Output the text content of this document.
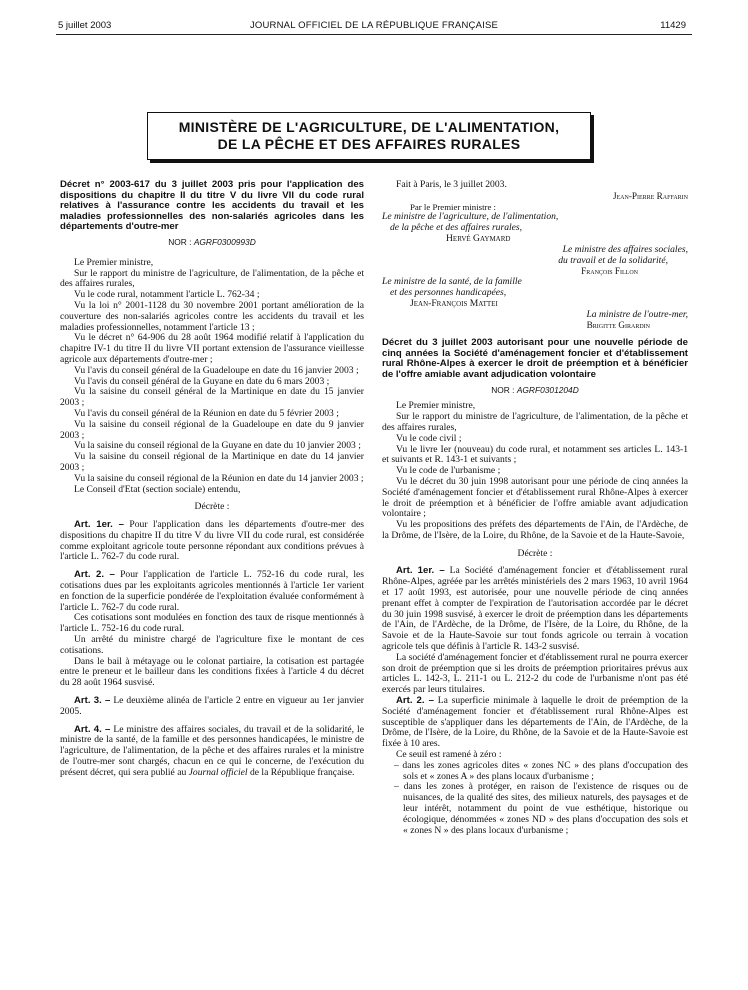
5 juillet 2003	JOURNAL OFFICIEL DE LA RÉPUBLIQUE FRANÇAISE	11429
MINISTÈRE DE L'AGRICULTURE, DE L'ALIMENTATION,
DE LA PÊCHE ET DES AFFAIRES RURALES
Décret n° 2003-617 du 3 juillet 2003 pris pour l'application des dispositions du chapitre II du titre V du livre VII du code rural relatives à l'assurance contre les accidents du travail et les maladies professionnelles des non-salariés agricoles dans les départements d'outre-mer
NOR : AGRF0300993D

Le Premier ministre,

Sur le rapport du ministre de l'agriculture, de l'alimentation, de la pêche et des affaires rurales,

Vu le code rural, notamment l'article L. 762-34 ;

Vu la loi n° 2001-1128 du 30 novembre 2001 portant amélioration de la couverture des non-salariés agricoles contre les accidents du travail et les maladies professionnelles, notamment l'article 13 ;

Vu le décret n° 64-906 du 28 août 1964 modifié relatif à l'application du chapitre IV-1 du titre II du livre VII portant extension de l'assurance vieillesse agricole aux départements d'outre-mer ;

Vu l'avis du conseil général de la Guadeloupe en date du 16 janvier 2003 ;

Vu l'avis du conseil général de la Guyane en date du 6 mars 2003 ;

Vu la saisine du conseil général de la Martinique en date du 15 janvier 2003 ;

Vu l'avis du conseil général de la Réunion en date du 5 février 2003 ;

Vu la saisine du conseil régional de la Guadeloupe en date du 9 janvier 2003 ;

Vu la saisine du conseil régional de la Guyane en date du 10 janvier 2003 ;

Vu la saisine du conseil régional de la Martinique en date du 14 janvier 2003 ;

Vu la saisine du conseil régional de la Réunion en date du 14 janvier 2003 ;

Le Conseil d'Etat (section sociale) entendu,

Décrète :

Art. 1er. – Pour l'application dans les départements d'outre-mer des dispositions du chapitre II du titre V du livre VII du code rural, est considérée comme exploitant agricole toute personne répondant aux conditions prévues à l'article L. 762-7 du code rural.

Art. 2. – Pour l'application de l'article L. 752-16 du code rural, les cotisations dues par les exploitants agricoles mentionnés à l'article 1er varient en fonction de la superficie pondérée de l'exploitation évaluée conformément à l'article L. 762-7 du code rural.

Ces cotisations sont modulées en fonction des taux de risque mentionnés à l'article L. 752-16 du code rural.

Un arrêté du ministre chargé de l'agriculture fixe le montant de ces cotisations.

Dans le bail à métayage ou le colonat partiaire, la cotisation est partagée entre le preneur et le bailleur dans les conditions fixées à l'article 4 du décret du 28 août 1964 susvisé.

Art. 3. – Le deuxième alinéa de l'article 2 entre en vigueur au 1er janvier 2005.

Art. 4. – Le ministre des affaires sociales, du travail et de la solidarité, le ministre de la santé, de la famille et des personnes handicapées, le ministre de l'agriculture, de l'alimentation, de la pêche et des affaires rurales et la ministre de l'outre-mer sont chargés, chacun en ce qui le concerne, de l'exécution du présent décret, qui sera publié au Journal officiel de la République française.

Fait à Paris, le 3 juillet 2003.

Jean-Pierre Raffarin

Par le Premier ministre :

Le ministre de l'agriculture, de l'alimentation,

de la pêche et des affaires rurales,

Hervé Gaymard

Le ministre des affaires sociales,

du travail et de la solidarité,

François Fillon

Le ministre de la santé, de la famille

et des personnes handicapées,

Jean-François Mattei

La ministre de l'outre-mer,

Brigitte Girardin

Décret du 3 juillet 2003 autorisant pour une nouvelle période de cinq années la Société d'aménagement foncier et d'établissement rural Rhône-Alpes à exercer le droit de préemption et à bénéficier de l'offre amiable avant adjudication volontaire
NOR : AGRF0301204D

Le Premier ministre,

Sur le rapport du ministre de l'agriculture, de l'alimentation, de la pêche et des affaires rurales,

Vu le code civil ;

Vu le livre Ier (nouveau) du code rural, et notamment ses articles L. 143-1 et suivants et R. 143-1 et suivants ;

Vu le code de l'urbanisme ;

Vu le décret du 30 juin 1998 autorisant pour une période de cinq années la Société d'aménagement foncier et d'établissement rural Rhône-Alpes à exercer le droit de préemption et à bénéficier de l'offre amiable avant adjudication volontaire ;

Vu les propositions des préfets des départements de l'Ain, de l'Ardèche, de la Drôme, de l'Isère, de la Loire, du Rhône, de la Savoie et de la Haute-Savoie,

Décrète :

Art. 1er. – La Société d'aménagement foncier et d'établissement rural Rhône-Alpes, agréée par les arrêtés ministériels des 2 mars 1963, 10 avril 1964 et 17 août 1993, est autorisée, pour une nouvelle période de cinq années prenant effet à compter de l'expiration de l'autorisation accordée par le décret du 30 juin 1998 susvisé, à exercer le droit de préemption dans les départements de l'Ain, de l'Ardèche, de la Drôme, de l'Isère, de la Loire, du Rhône, de la Savoie et de la Haute-Savoie sur tout fonds agricole ou terrain à vocation agricole tels que définis à l'article R. 143-2 susvisé.

La société d'aménagement foncier et d'établissement rural ne pourra exercer son droit de préemption que si les droits de préemption prioritaires prévus aux articles L. 142-3, L. 211-1 ou L. 212-2 du code de l'urbanisme n'ont pas été exercés par leurs titulaires.

Art. 2. – La superficie minimale à laquelle le droit de préemption de la Société d'aménagement foncier et d'établissement rural Rhône-Alpes est susceptible de s'appliquer dans les départements de l'Ain, de l'Ardèche, de la Drôme, de l'Isère, de la Loire, du Rhône, de la Savoie et de la Haute-Savoie est fixée à 10 ares.

Ce seuil est ramené à zéro :

– dans les zones agricoles dites « zones NC » des plans d'occupation des sols et « zones A » des plans locaux d'urbanisme ;

– dans les zones à protéger, en raison de l'existence de risques ou de nuisances, de la qualité des sites, des milieux naturels, des paysages et de leur intérêt, notamment du point de vue esthétique, historique ou écologique, dénommées « zones ND » des plans d'occupation des sols et « zones N » des plans locaux d'urbanisme ;
